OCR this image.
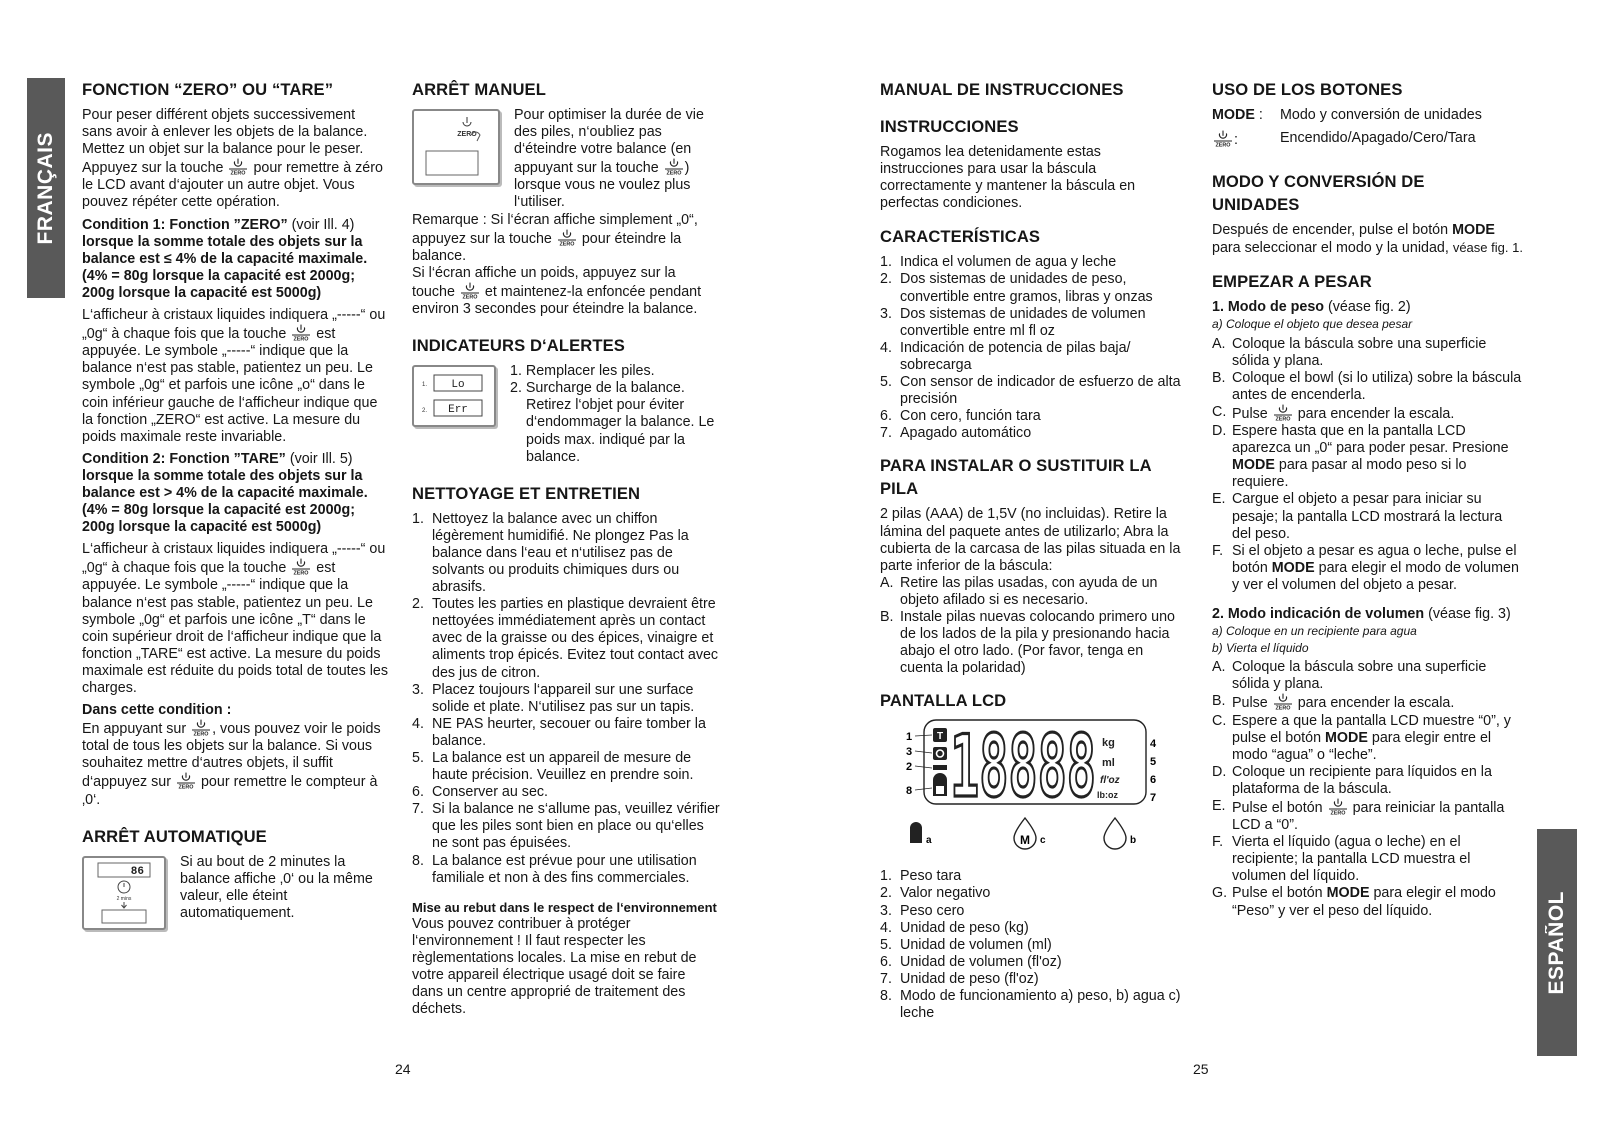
FRANÇAIS
ESPAÑOL
FONCTION “ZERO” OU “TARE”

Pour peser différent objets successivement sans avoir à enlever les objets de la balance. Mettez un objet sur la balance pour le peser. Appuyez sur la touche ZERO pour remettre à zéro le LCD avant d‘ajouter un autre objet. Vous pouvez répéter cette opération.

Condition 1: Fonction ”ZERO” (voir Ill. 4) lorsque la somme totale des objets sur la balance est ≤ 4% de la capacité maximale. (4% = 80g lorsque la capacité est 2000g; 200g lorsque la capacité est 5000g)

L‘afficheur à cristaux liquides indiquera „-----“ ou „0g“ à chaque fois que la touche ZERO est appuyée. Le symbole „-----“ indique que la balance n‘est pas stable, patientez un peu. Le symbole „0g“ et parfois une icône „o“ dans le coin inférieur gauche de l‘afficheur indique que la fonction „ZERO“ est active. La mesure du poids maximale reste invariable.

Condition 2: Fonction ”TARE” (voir Ill. 5) lorsque la somme totale des objets sur la balance est > 4% de la capacité maximale. (4% = 80g lorsque la capacité est 2000g; 200g lorsque la capacité est 5000g)

L‘afficheur à cristaux liquides indiquera „-----“ ou „0g“ à chaque fois que la touche ZERO est appuyée. Le symbole „-----“ indique que la balance n‘est pas stable, patientez un peu. Le symbole „0g“ et parfois une icône „T“ dans le coin supérieur droit de l‘afficheur indique que la fonction „TARE“ est active. La mesure du poids maximale est réduite du poids total de toutes les charges.

Dans cette condition :
En appuyant sur ZERO , vous pouvez voir le poids total de tous les objets sur la balance. Si vous souhaitez mettre d‘autres objets, il suffit d‘appuyez sur ZERO pour remettre le compteur à ‚0‘.

ARRÊT AUTOMATIQUE
86
2 mins
Si au bout de 2 minutes la balance affiche ‚0‘ ou la même valeur, elle éteint automatiquement.
ARRÊT MANUEL
ZERO
Pour optimiser la durée de vie des piles, n‘oubliez pas d‘éteindre votre balance (en appuyant sur la touche ZERO ) lorsque vous ne voulez plus l‘utiliser.

Remarque : Si l‘écran affiche simplement „0“, appuyez sur la touche ZERO pour éteindre la balance.
Si l‘écran affiche un poids, appuyez sur la touche ZERO et maintenez-la enfoncée pendant environ 3 secondes pour éteindre la balance.

INDICATEURS D‘ALERTES
1. Lo
2. Err
1. Remplacer les piles.
2. Surcharge de la balance.
Retirez l‘objet pour éviter d‘endommager la balance. Le poids max. indiqué par la balance.
NETTOYAGE ET ENTRETIEN
1. Nettoyez la balance avec un chiffon légèrement humidifié. Ne plongez Pas la balance dans l‘eau et n‘utilisez pas de solvants ou produits chimiques durs ou abrasifs.
2. Toutes les parties en plastique devraient être nettoyées immédiatement après un contact avec de la graisse ou des épices, vinaigre et aliments trop épicés. Evitez tout contact avec des jus de citron.
3. Placez toujours l‘appareil sur une surface solide et plate. N‘utilisez pas sur un tapis.
4. NE PAS heurter, secouer ou faire tomber la balance.
5. La balance est un appareil de mesure de haute précision. Veuillez en prendre soin.
6. Conserver au sec.
7. Si la balance ne s‘allume pas, veuillez vérifier que les piles sont bien en place ou qu‘elles ne sont pas épuisées.
8. La balance est prévue pour une utilisation familiale et non à des fins commerciales.

Mise au rebut dans le respect de l‘environnement

Vous pouvez contribuer à protéger l‘environnement ! Il faut respecter les règlementations locales. La mise en rebut de votre appareil électrique usagé doit se faire dans un centre approprié de traitement des déchets.

MANUAL DE INSTRUCCIONES
INSTRUCCIONES

Rogamos lea detenidamente estas instrucciones para usar la báscula correctamente y mantener la báscula en perfectas condiciones.

CARACTERÍSTICAS
1. Indica el volumen de agua y leche
2. Dos sistemas de unidades de peso, convertible entre gramos, libras y onzas
3. Dos sistemas de unidades de volumen convertible entre ml fl oz
4. Indicación de potencia de pilas baja/ sobrecarga
5. Con sensor de indicador de esfuerzo de alta precisión
6. Con cero, función tara
7. Apagado automático
PARA INSTALAR O SUSTITUIR LA PILA

2 pilas (AAA) de 1,5V (no incluidas). Retire la lámina del paquete antes de utilizarlo; Abra la cubierta de la carcasa de las pilas situada en la parte inferior de la báscula:

A. Retire las pilas usadas, con ayuda de un objeto afilado si es necesario.
B. Instale pilas nuevas colocando primero uno de los lados de la pila y presionando hacia abajo el otro lado. (Por favor, tenga en cuenta la polaridad)
PANTALLA LCD
T 18888 kg
ml
fl'oz
lb:oz
1
3
2
8
4
5
6
7
a	M c	b
1. Peso tara
2. Valor negativo
3. Peso cero
4. Unidad de peso (kg)
5. Unidad de volumen (ml)
6. Unidad de volumen (fl'oz)
7. Unidad de peso (fl'oz)
8. Modo de funcionamiento a) peso, b) agua c) leche
USO DE LOS BOTONES
MODE :	Modo y conversión de unidades
ZERO :	Encendido/Apagado/Cero/Tara
MODO Y CONVERSIÓN DE UNIDADES

Después de encender, pulse el botón MODE para seleccionar el modo y la unidad, véase fig. 1.

EMPEZAR A PESAR

1. Modo de peso (véase fig. 2)

a) Coloque el objeto que desea pesar

A. Coloque la báscula sobre una superficie sólida y plana.
B. Coloque el bowl (si lo utiliza) sobre la báscula antes de encenderla.
C. Pulse ZERO para encender la escala.
D. Espere hasta que en la pantalla LCD aparezca un „0“ para poder pesar. Presione MODE para pasar al modo peso si lo requiere.
E. Cargue el objeto a pesar para iniciar su pesaje; la pantalla LCD mostrará la lectura del peso.
F. Si el objeto a pesar es agua o leche, pulse el botón MODE para elegir el modo de volumen y ver el volumen del objeto a pesar.

2. Modo indicación de volumen (véase fig. 3)

a) Coloque en un recipiente para agua

b) Vierta el líquido

A. Coloque la báscula sobre una superficie sólida y plana.
B. Pulse ZERO para encender la escala.
C. Espere a que la pantalla LCD muestre “0”, y pulse el botón MODE para elegir entre el modo “agua” o “leche”.
D. Coloque un recipiente para líquidos en la plataforma de la báscula.
E. Pulse el botón ZERO para reiniciar la pantalla LCD a “0”.
F. Vierta el líquido (agua o leche) en el recipiente; la pantalla LCD muestra el volumen del líquido.
G. Pulse el botón MODE para elegir el modo “Peso” y ver el peso del líquido.
24	25
